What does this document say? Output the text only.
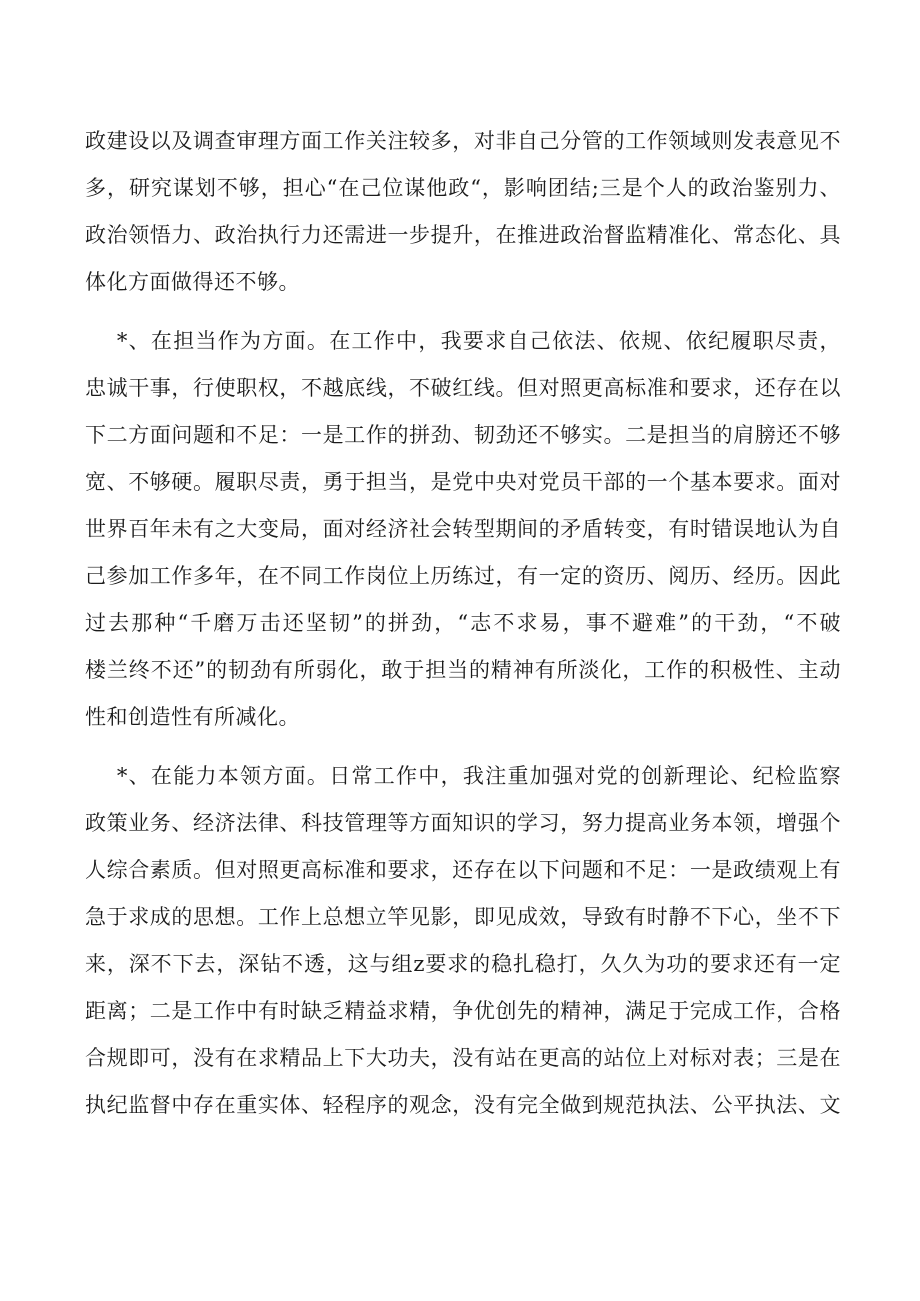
政建设以及调查审理方面工作关注较多，对非自己分管的工作领域则发表意见不
多，研究谋划不够，担心“在己位谋他政“，影响团结;三是个人的政治鉴别力、
政治领悟力、政治执行力还需进一步提升，在推进政治督监精准化、常态化、具
体化方面做得还不够。
*、在担当作为方面。在工作中，我要求自己依法、依规、依纪履职尽责，
忠诚干事，行使职权，不越底线，不破红线。但对照更高标准和要求，还存在以
下二方面问题和不足：一是工作的拼劲、韧劲还不够实。二是担当的肩膀还不够
宽、不够硬。履职尽责，勇于担当，是党中央对党员干部的一个基本要求。面对
世界百年未有之大变局，面对经济社会转型期间的矛盾转变，有时错误地认为自
己参加工作多年，在不同工作岗位上历练过，有一定的资历、阅历、经历。因此
过去那种“千磨万击还坚韧”的拼劲，“志不求易，事不避难”的干劲，“不破
楼兰终不还”的韧劲有所弱化，敢于担当的精神有所淡化，工作的积极性、主动
性和创造性有所减化。
*、在能力本领方面。日常工作中，我注重加强对党的创新理论、纪检监察
政策业务、经济法律、科技管理等方面知识的学习，努力提高业务本领，增强个
人综合素质。但对照更高标准和要求，还存在以下问题和不足：一是政绩观上有
急于求成的思想。工作上总想立竿见影，即见成效，导致有时静不下心，坐不下
来，深不下去，深钻不透，这与组z要求的稳扎稳打，久久为功的要求还有一定
距离；二是工作中有时缺乏精益求精，争优创先的精神，满足于完成工作，合格
合规即可，没有在求精品上下大功夫，没有站在更高的站位上对标对表；三是在
执纪监督中存在重实体、轻程序的观念，没有完全做到规范执法、公平执法、文
